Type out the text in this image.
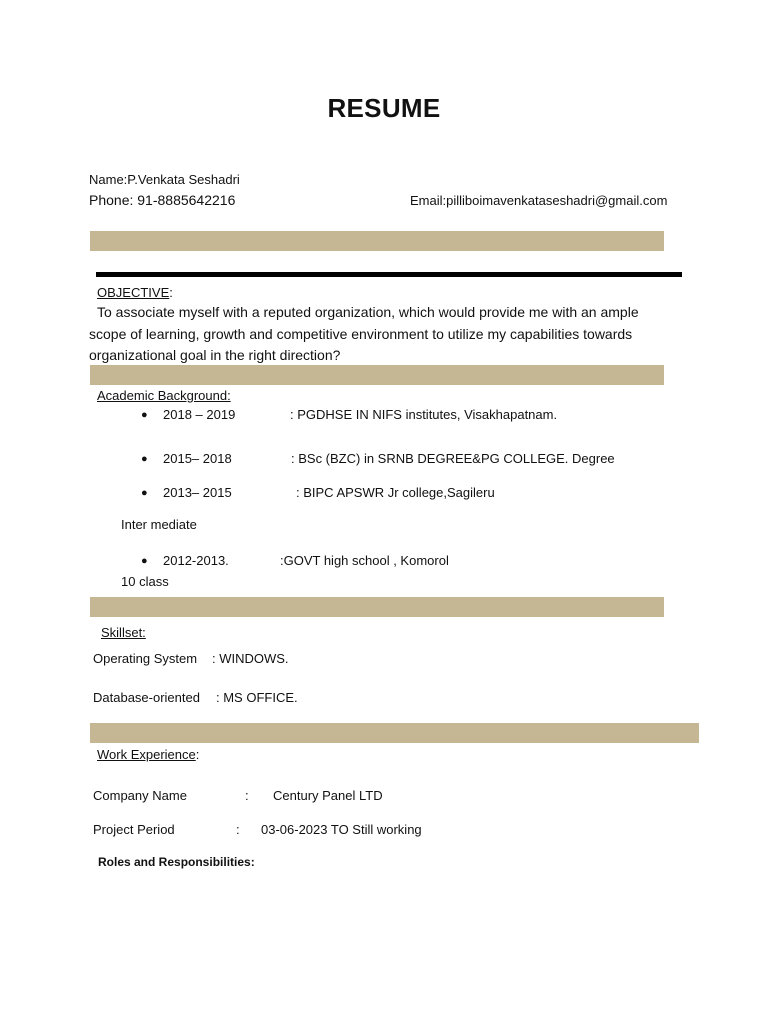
RESUME
Name:P.Venkata Seshadri
Phone: 91-8885642216	Email:pilliboimavenkataseshadri@gmail.com
OBJECTIVE:
To associate myself with a reputed organization, which would provide me with an ample scope of learning, growth and competitive environment to utilize my capabilities towards organizational goal in the right direction?
Academic Background:
● 2018 – 2019	: PGDHSE IN NIFS institutes, Visakhapatnam.
● 2015– 2018	: BSc (BZC) in SRNB DEGREE&PG COLLEGE. Degree
● 2013– 2015	: BIPC APSWR Jr college,Sagileru
Inter mediate
● 2012-2013.	:GOVT high school , Komorol
10 class
Skillset:
Operating System : WINDOWS.
Database-oriented : MS OFFICE.
Work Experience:
Company Name	: Century Panel LTD
Project Period	: 03-06-2023 TO Still working
Roles and Responsibilities:
